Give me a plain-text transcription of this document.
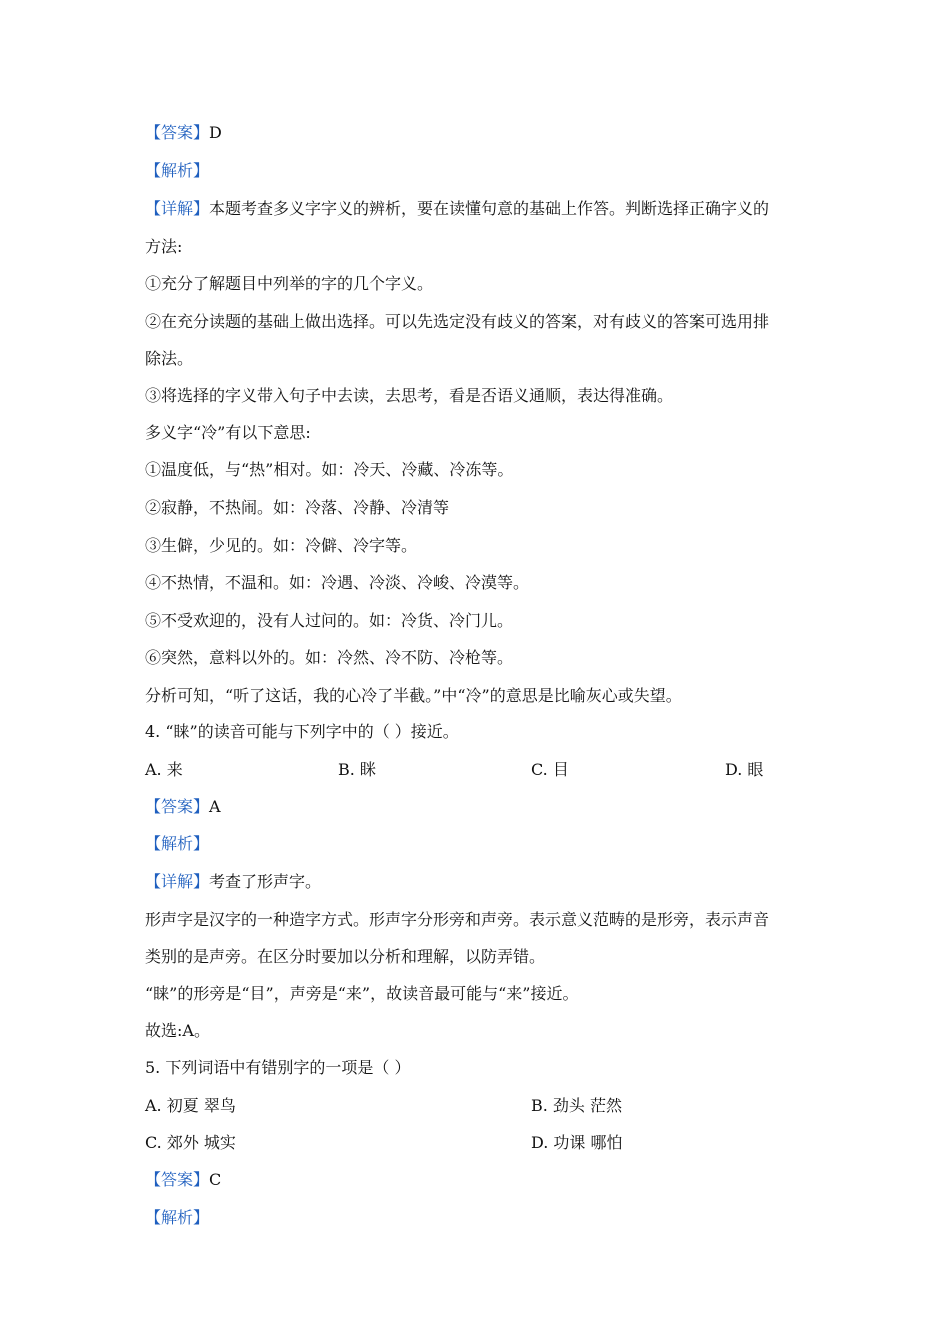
【答案】D
【解析】
【详解】本题考查多义字字义的辨析，要在读懂句意的基础上作答。判断选择正确字义的
方法:
①充分了解题目中列举的字的几个字义。
②在充分读题的基础上做出选择。可以先选定没有歧义的答案，对有歧义的答案可选用排
除法。
③将选择的字义带入句子中去读，去思考，看是否语义通顺，表达得准确。
多义字“冷”有以下意思:
①温度低，与“热”相对。如：冷天、冷藏、冷冻等。
②寂静，不热闹。如：冷落、冷静、冷清等
③生僻，少见的。如：冷僻、冷字等。
④不热情，不温和。如：冷遇、冷淡、冷峻、冷漠等。
⑤不受欢迎的，没有人过问的。如：冷货、冷门儿。
⑥突然，意料以外的。如：冷然、冷不防、冷枪等。
分析可知，“听了这话，我的心冷了半截。”中“冷”的意思是比喻灰心或失望。
4. “睐”的读音可能与下列字中的（ ）接近。
A. 来	B. 眯	C. 目	D. 眼
【答案】A
【解析】
【详解】考查了形声字。
形声字是汉字的一种造字方式。形声字分形旁和声旁。表示意义范畴的是形旁，表示声音
类别的是声旁。在区分时要加以分析和理解，以防弄错。
“睐”的形旁是“目”，声旁是“来”，故读音最可能与“来”接近。
故选:A。
5. 下列词语中有错别字的一项是（ ）
A. 初夏 翠鸟	B. 劲头 茫然
C. 郊外 城实	D. 功课 哪怕
【答案】C
【解析】
